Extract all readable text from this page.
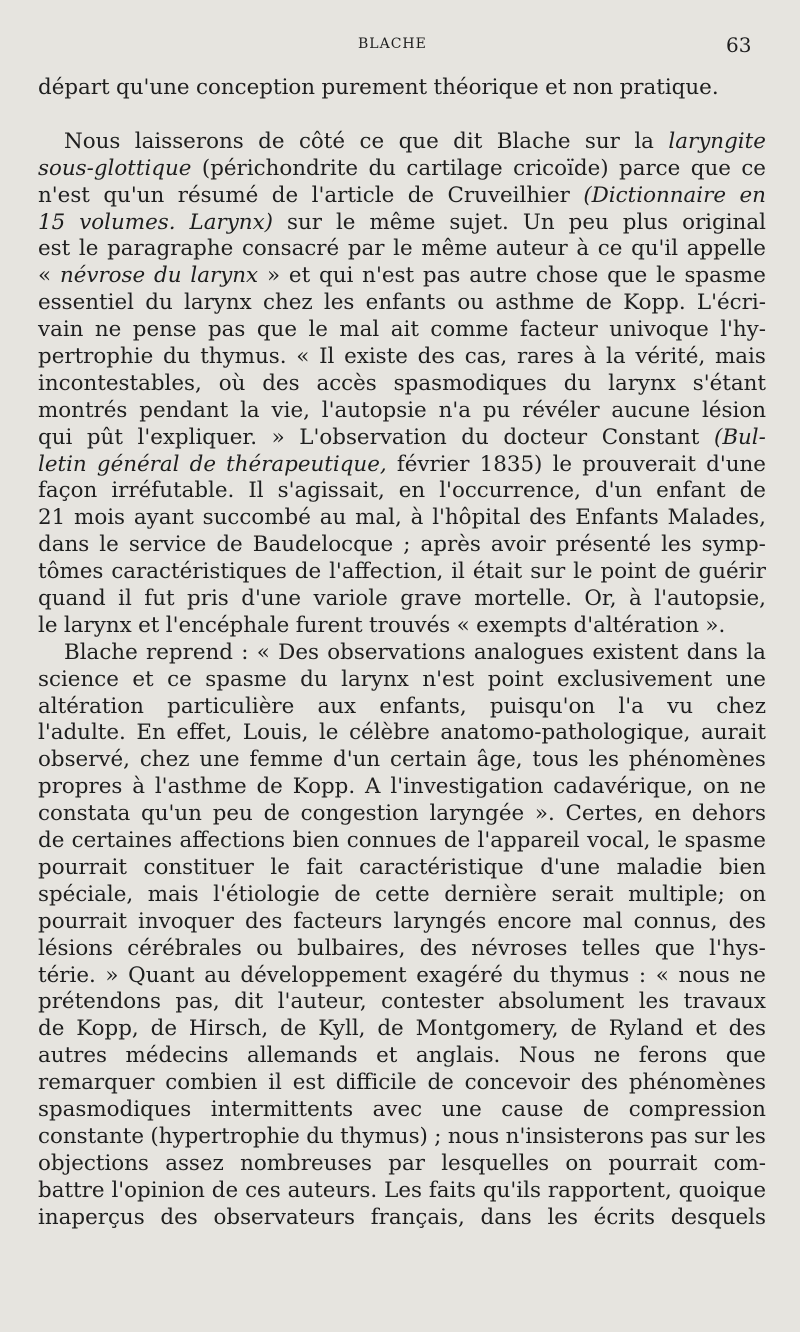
BLACHE	63
départ qu'une conception purement théorique et non pratique.
Nous laisserons de côté ce que dit Blache sur la laryngite
sous-glottique (périchondrite du cartilage cricoïde) parce que ce
n'est qu'un résumé de l'article de Cruveilhier (Dictionnaire en
15 volumes. Larynx) sur le même sujet. Un peu plus original
est le paragraphe consacré par le même auteur à ce qu'il appelle
« névrose du larynx » et qui n'est pas autre chose que le spasme
essentiel du larynx chez les enfants ou asthme de Kopp. L'écri-
vain ne pense pas que le mal ait comme facteur univoque l'hy-
pertrophie du thymus. « Il existe des cas, rares à la vérité, mais
incontestables, où des accès spasmodiques du larynx s'étant
montrés pendant la vie, l'autopsie n'a pu révéler aucune lésion
qui pût l'expliquer. » L'observation du docteur Constant (Bul-
letin général de thérapeutique, février 1835) le prouverait d'une
façon irréfutable. Il s'agissait, en l'occurrence, d'un enfant de
21 mois ayant succombé au mal, à l'hôpital des Enfants Malades,
dans le service de Baudelocque ; après avoir présenté les symp-
tômes caractéristiques de l'affection, il était sur le point de guérir
quand il fut pris d'une variole grave mortelle. Or, à l'autopsie,
le larynx et l'encéphale furent trouvés « exempts d'altération ».
Blache reprend : « Des observations analogues existent dans la
science et ce spasme du larynx n'est point exclusivement une
altération particulière aux enfants, puisqu'on l'a vu chez
l'adulte. En effet, Louis, le célèbre anatomo-pathologique, aurait
observé, chez une femme d'un certain âge, tous les phénomènes
propres à l'asthme de Kopp. A l'investigation cadavérique, on ne
constata qu'un peu de congestion laryngée ». Certes, en dehors
de certaines affections bien connues de l'appareil vocal, le spasme
pourrait constituer le fait caractéristique d'une maladie bien
spéciale, mais l'étiologie de cette dernière serait multiple; on
pourrait invoquer des facteurs laryngés encore mal connus, des
lésions cérébrales ou bulbaires, des névroses telles que l'hys-
térie. » Quant au développement exagéré du thymus : « nous ne
prétendons pas, dit l'auteur, contester absolument les travaux
de Kopp, de Hirsch, de Kyll, de Montgomery, de Ryland et des
autres médecins allemands et anglais. Nous ne ferons que
remarquer combien il est difficile de concevoir des phénomènes
spasmodiques intermittents avec une cause de compression
constante (hypertrophie du thymus) ; nous n'insisterons pas sur les
objections assez nombreuses par lesquelles on pourrait com-
battre l'opinion de ces auteurs. Les faits qu'ils rapportent, quoique
inaperçus des observateurs français, dans les écrits desquels
